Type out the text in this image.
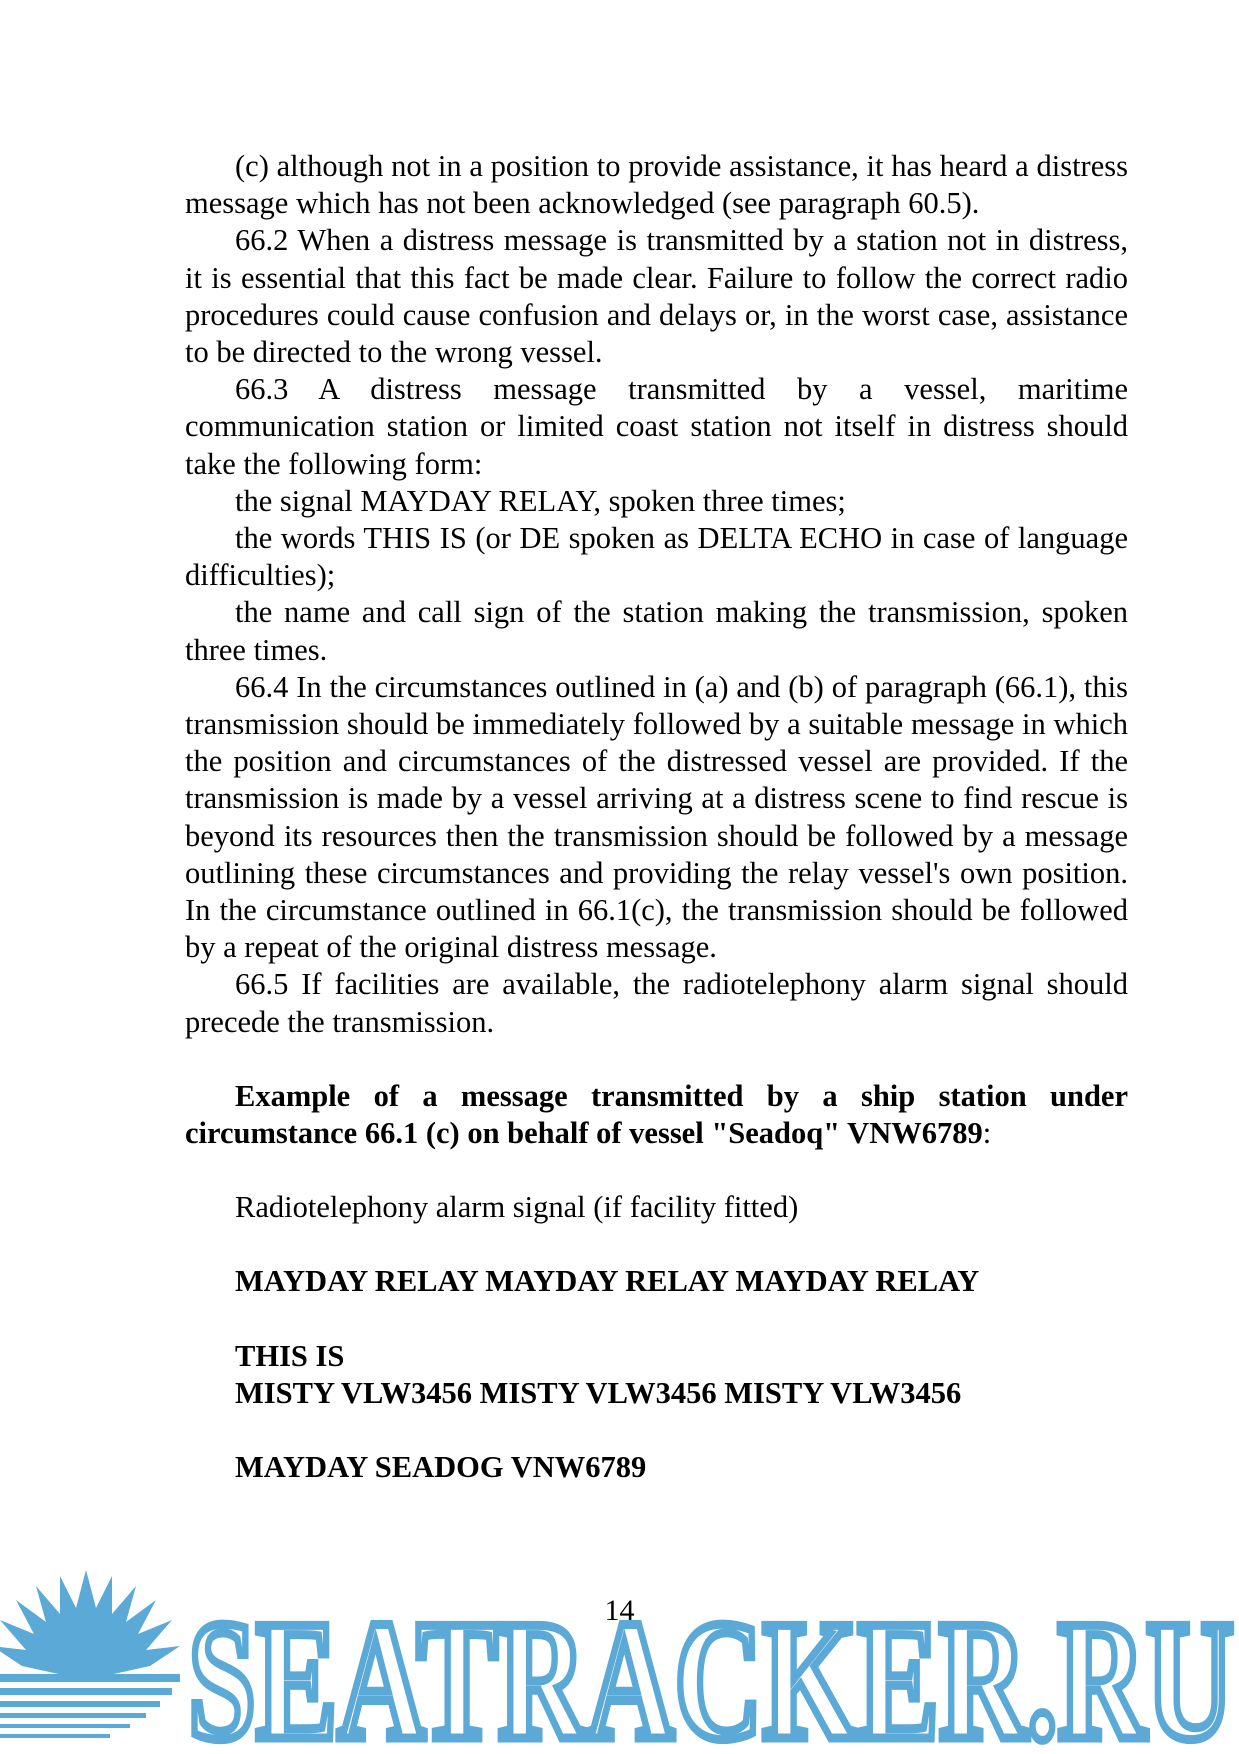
(c) although not in a position to provide assistance, it has heard a distress message which has not been acknowledged (see paragraph 60.5).

66.2 When a distress message is transmitted by a station not in distress, it is essential that this fact be made clear. Failure to follow the correct radio procedures could cause confusion and delays or, in the worst case, assistance to be directed to the wrong vessel.

66.3 A distress message transmitted by a vessel, maritime communication station or limited coast station not itself in distress should take the following form:

the signal MAYDAY RELAY, spoken three times;

the words THIS IS (or DE spoken as DELTA ECHO in case of language difficulties);

the name and call sign of the station making the transmission, spoken three times.

66.4 In the circumstances outlined in (a) and (b) of paragraph (66.1), this transmission should be immediately followed by a suitable message in which the position and circumstances of the distressed vessel are provided. If the transmission is made by a vessel arriving at a distress scene to find rescue is beyond its resources then the transmission should be followed by a message outlining these circumstances and providing the relay vessel's own position. In the circumstance outlined in 66.1(c), the transmission should be followed by a repeat of the original distress message.

66.5 If facilities are available, the radiotelephony alarm signal should precede the transmission.

Example of a message transmitted by a ship station under circumstance 66.1 (c) on behalf of vessel "Seadoq" VNW6789:

Radiotelephony alarm signal (if facility fitted)

MAYDAY RELAY MAYDAY RELAY MAYDAY RELAY

THIS IS

MISTY VLW3456 MISTY VLW3456 MISTY VLW3456

MAYDAY SEADOG VNW6789

SEATRACKER.RU
14
